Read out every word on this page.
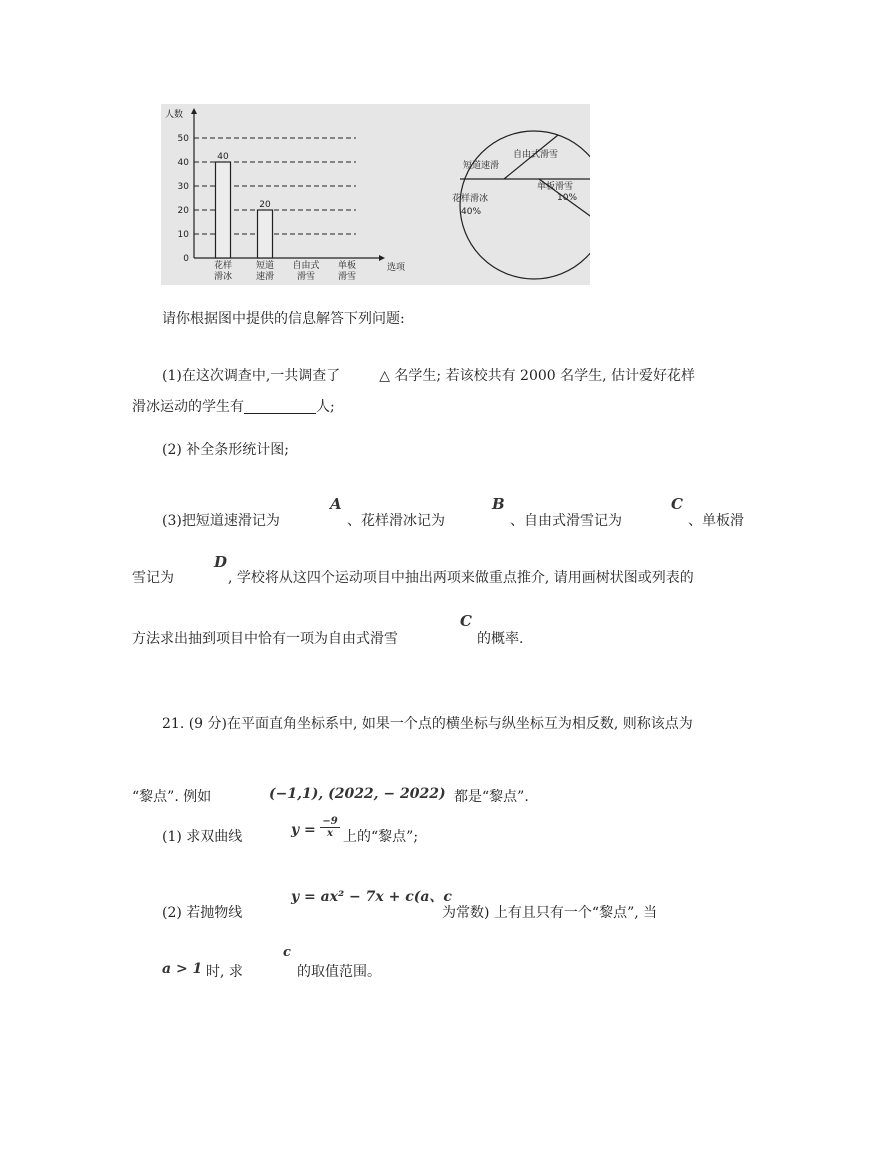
0
10
20
30
40
50
40
20
花样
滑冰
短道
速滑
自由式
滑雪
单板
滑雪
人数
选项
自由式滑雪
短道速滑
单板滑雪
10%
花样滑冰
40%
请你根据图中提供的信息解答下列问题:
(1)在这次调查中,一共调查了	△ 名学生; 若该校共有 2000 名学生, 估计爱好花样
滑冰运动的学生有	人;
(2) 补全条形统计图;
(3)把短道速滑记为
A
、花样滑冰记为
B
、自由式滑雪记为
C
、单板滑
雪记为
D
, 学校将从这四个运动项目中抽出两项来做重点推介, 请用画树状图或列表的
方法求出抽到项目中恰有一项为自由式滑雪
C
的概率.
21. (9 分)在平面直角坐标系中, 如果一个点的横坐标与纵坐标互为相反数, 则称该点为
“黎点”. 例如	(−1,1), (2022, − 2022) 都是“黎点”.
(1) 求双曲线	$y = \frac{-9}{x}$ 上的“黎点”;
y = ax² − 7x + c(a、c
(2) 若抛物线	为常数) 上有且只有一个“黎点”, 当
a > 1 时, 求
c
的取值范围。
